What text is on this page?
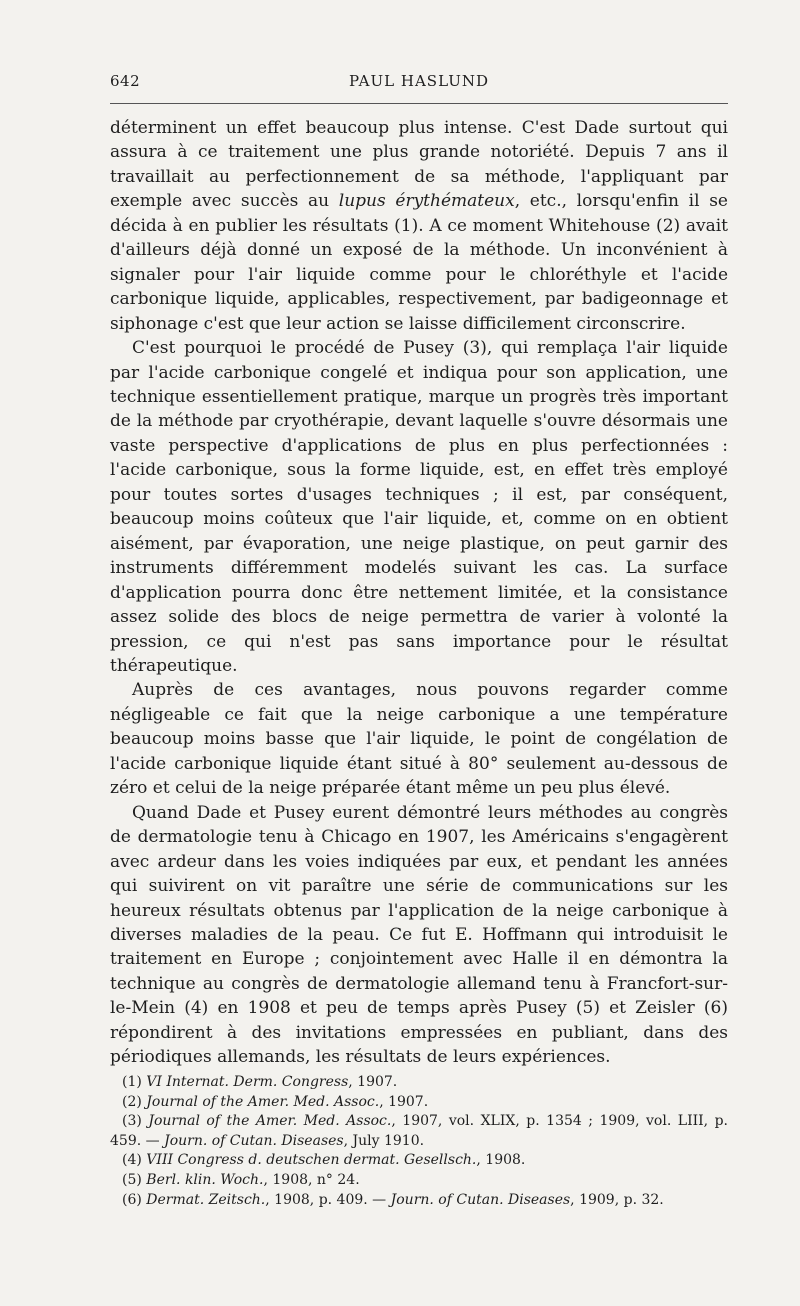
642	PAUL HASLUND

déterminent un effet beaucoup plus intense. C'est Dade surtout qui assura à ce traitement une plus grande notoriété. Depuis 7 ans il travaillait au perfectionnement de sa méthode, l'appliquant par exemple avec succès au lupus érythémateux, etc., lorsqu'enfin il se décida à en publier les résultats (1). A ce moment Whitehouse (2) avait d'ailleurs déjà donné un exposé de la méthode. Un inconvénient à signaler pour l'air liquide comme pour le chloréthyle et l'acide carbonique liquide, applicables, respectivement, par badigeonnage et siphonage c'est que leur action se laisse difficilement circonscrire.

C'est pourquoi le procédé de Pusey (3), qui remplaça l'air liquide par l'acide carbonique congelé et indiqua pour son application, une technique essentiellement pratique, marque un progrès très important de la méthode par cryothérapie, devant laquelle s'ouvre désormais une vaste perspective d'applications de plus en plus perfectionnées : l'acide carbonique, sous la forme liquide, est, en effet très employé pour toutes sortes d'usages techniques ; il est, par conséquent, beaucoup moins coûteux que l'air liquide, et, comme on en obtient aisément, par évaporation, une neige plastique, on peut garnir des instruments différemment modelés suivant les cas. La surface d'application pourra donc être nettement limitée, et la consistance assez solide des blocs de neige permettra de varier à volonté la pression, ce qui n'est pas sans importance pour le résultat thérapeutique.

Auprès de ces avantages, nous pouvons regarder comme négligeable ce fait que la neige carbonique a une température beaucoup moins basse que l'air liquide, le point de congélation de l'acide carbonique liquide étant situé à 80° seulement au-dessous de zéro et celui de la neige préparée étant même un peu plus élevé.

Quand Dade et Pusey eurent démontré leurs méthodes au congrès de dermatologie tenu à Chicago en 1907, les Américains s'engagèrent avec ardeur dans les voies indiquées par eux, et pendant les années qui suivirent on vit paraître une série de communications sur les heureux résultats obtenus par l'application de la neige carbonique à diverses maladies de la peau. Ce fut E. Hoffmann qui introduisit le traitement en Europe ; conjointement avec Halle il en démontra la technique au congrès de dermatologie allemand tenu à Francfort-sur-le-Mein (4) en 1908 et peu de temps après Pusey (5) et Zeisler (6) répondirent à des invitations empressées en publiant, dans des périodiques allemands, les résultats de leurs expériences.

(1) VI Internat. Derm. Congress, 1907.

(2) Journal of the Amer. Med. Assoc., 1907.

(3) Journal of the Amer. Med. Assoc., 1907, vol. XLIX, p. 1354 ; 1909, vol. LIII, p. 459. — Journ. of Cutan. Diseases, July 1910.

(4) VIII Congress d. deutschen dermat. Gesellsch., 1908.

(5) Berl. klin. Woch., 1908, n° 24.

(6) Dermat. Zeitsch., 1908, p. 409. — Journ. of Cutan. Diseases, 1909, p. 32.
